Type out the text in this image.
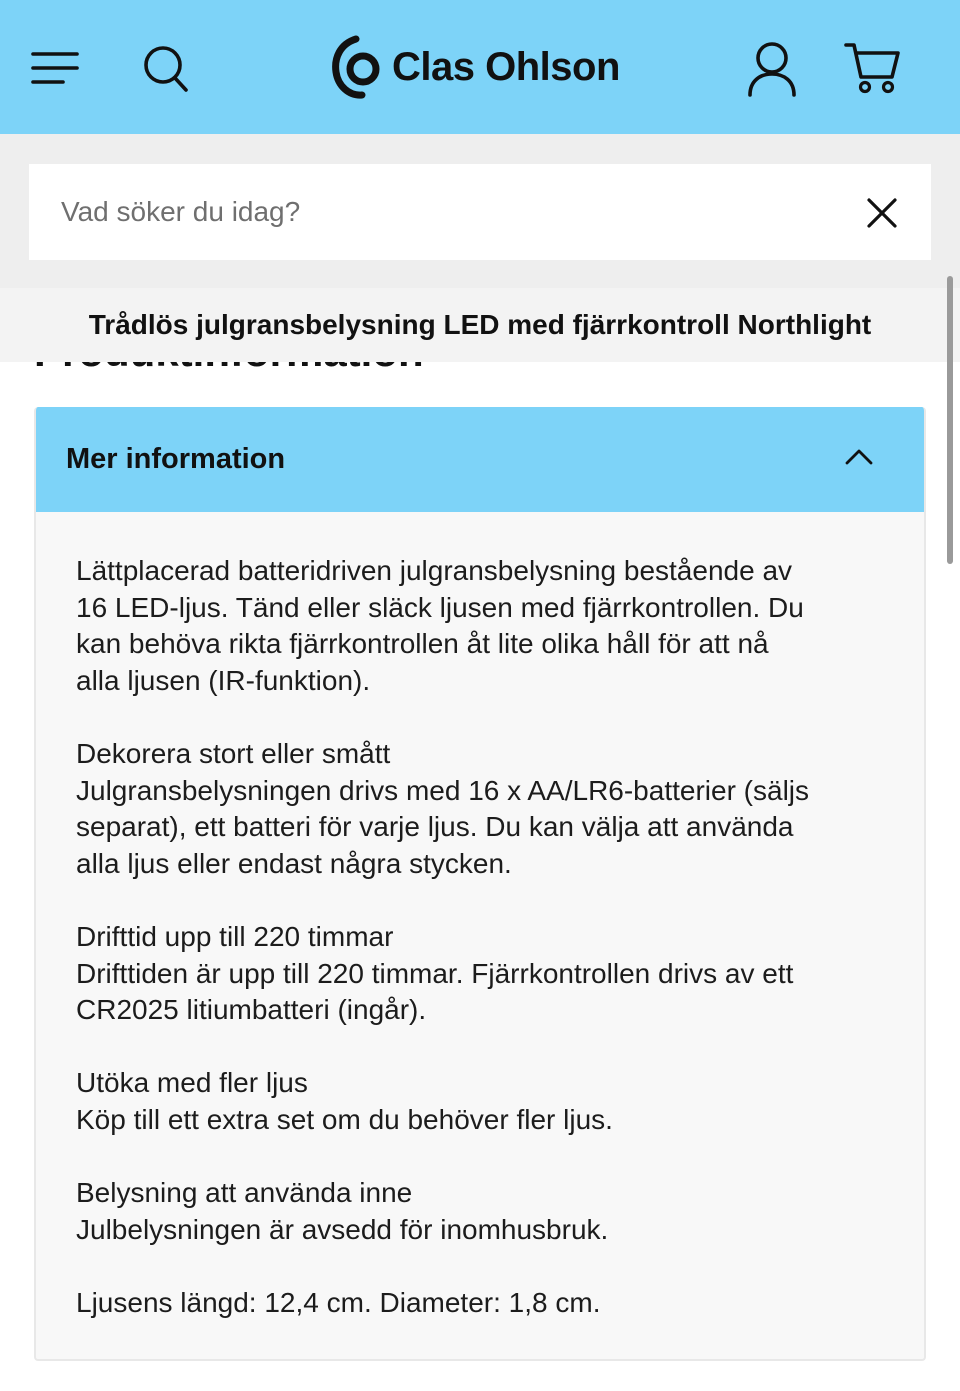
Clas Ohlson
Vad söker du idag?
Trådlös julgransbelysning LED med fjärrkontroll Northlight
Mer information

Lättplacerad batteridriven julgransbelysning bestående av
16 LED-ljus. Tänd eller släck ljusen med fjärrkontrollen. Du
kan behöva rikta fjärrkontrollen åt lite olika håll för att nå
alla ljusen (IR-funktion).

Dekorera stort eller smått
Julgransbelysningen drivs med 16 x AA/LR6-batterier (säljs
separat), ett batteri för varje ljus. Du kan välja att använda
alla ljus eller endast några stycken.

Drifttid upp till 220 timmar
Drifttiden är upp till 220 timmar. Fjärrkontrollen drivs av ett
CR2025 litiumbatteri (ingår).

Utöka med fler ljus
Köp till ett extra set om du behöver fler ljus.

Belysning att använda inne
Julbelysningen är avsedd för inomhusbruk.

Ljusens längd: 12,4 cm. Diameter: 1,8 cm.
